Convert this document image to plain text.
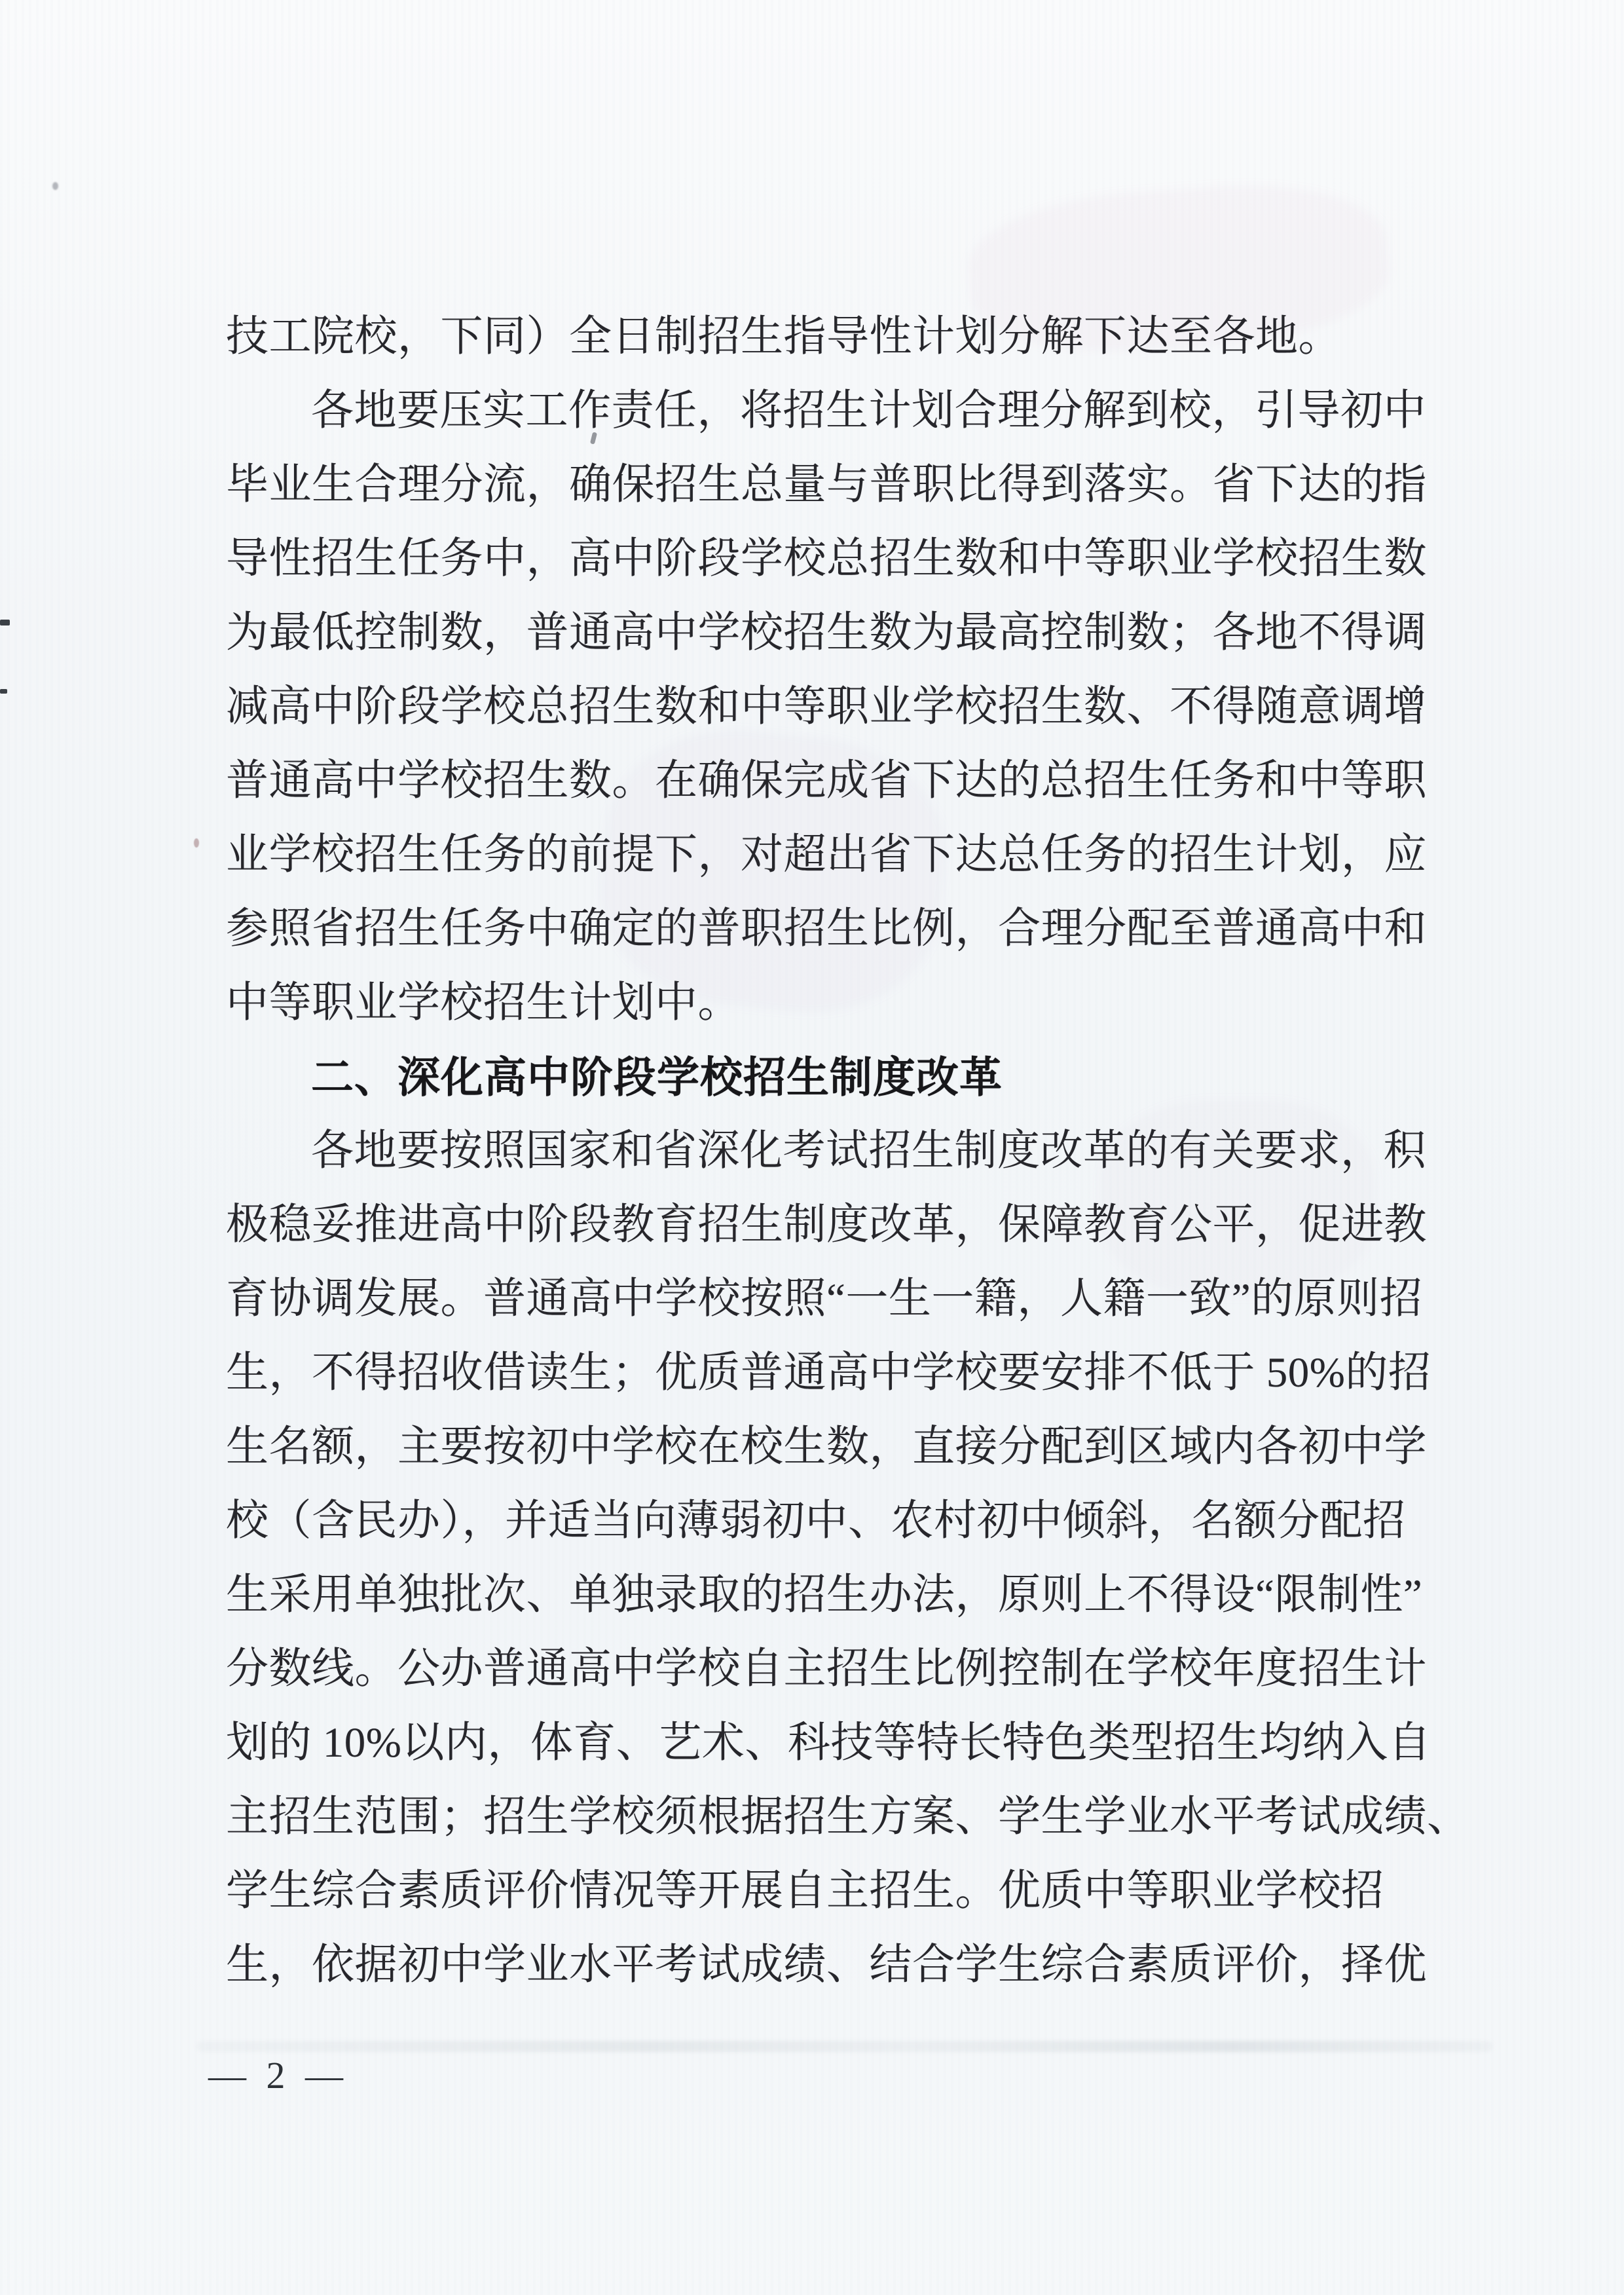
技工院校，下同）全日制招生指导性计划分解下达至各地。
各地要压实工作责任，将招生计划合理分解到校，引导初中
毕业生合理分流，确保招生总量与普职比得到落实。省下达的指
导性招生任务中，高中阶段学校总招生数和中等职业学校招生数
为最低控制数，普通高中学校招生数为最高控制数；各地不得调
减高中阶段学校总招生数和中等职业学校招生数、不得随意调增
普通高中学校招生数。在确保完成省下达的总招生任务和中等职
业学校招生任务的前提下，对超出省下达总任务的招生计划，应
参照省招生任务中确定的普职招生比例，合理分配至普通高中和
中等职业学校招生计划中。
二、深化高中阶段学校招生制度改革
各地要按照国家和省深化考试招生制度改革的有关要求，积
极稳妥推进高中阶段教育招生制度改革，保障教育公平，促进教
育协调发展。普通高中学校按照“一生一籍，人籍一致”的原则招
生，不得招收借读生；优质普通高中学校要安排不低于 50%的招
生名额，主要按初中学校在校生数，直接分配到区域内各初中学
校（含民办），并适当向薄弱初中、农村初中倾斜，名额分配招
生采用单独批次、单独录取的招生办法，原则上不得设“限制性”
分数线。公办普通高中学校自主招生比例控制在学校年度招生计
划的 10%以内，体育、艺术、科技等特长特色类型招生均纳入自
主招生范围；招生学校须根据招生方案、学生学业水平考试成绩、
学生综合素质评价情况等开展自主招生。优质中等职业学校招
生，依据初中学业水平考试成绩、结合学生综合素质评价，择优
— 2 —
